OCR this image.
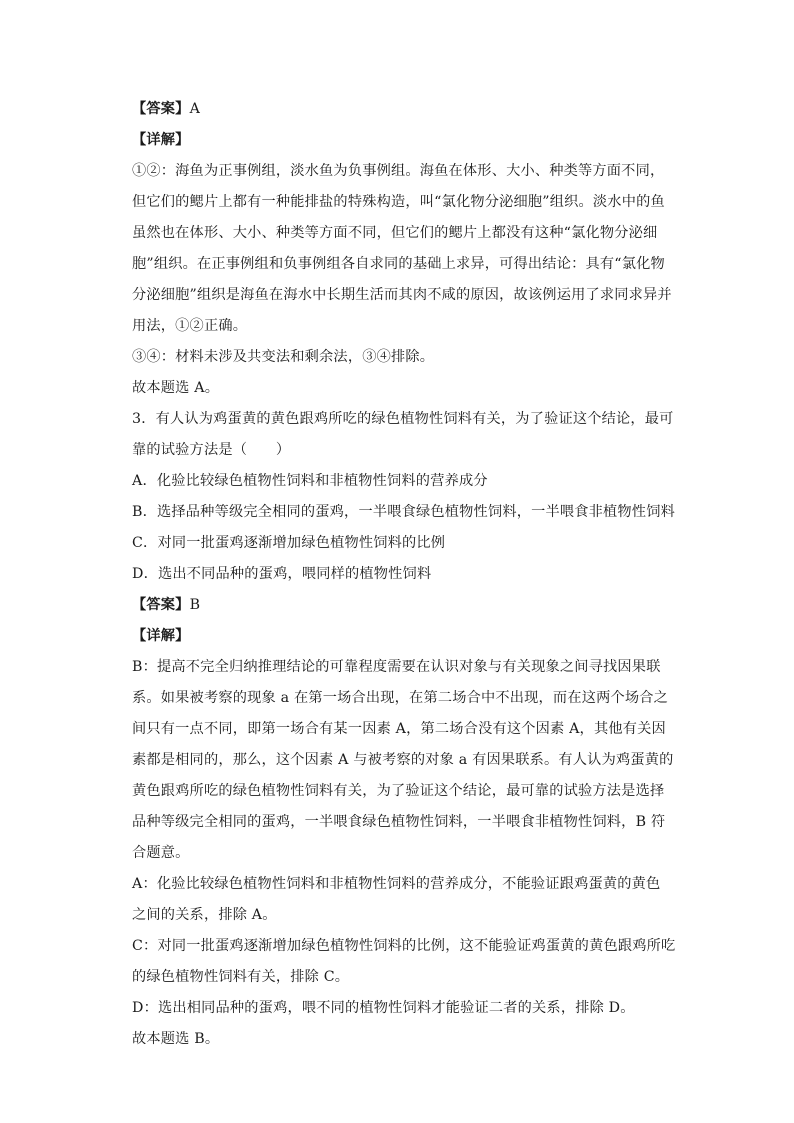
【答案】A
【详解】
①②：海鱼为正事例组，淡水鱼为负事例组。海鱼在体形、大小、种类等方面不同，
但它们的鳃片上都有一种能排盐的特殊构造，叫“氯化物分泌细胞”组织。淡水中的鱼
虽然也在体形、大小、种类等方面不同，但它们的鳃片上都没有这种“氯化物分泌细
胞”组织。在正事例组和负事例组各自求同的基础上求异，可得出结论：具有“氯化物
分泌细胞”组织是海鱼在海水中长期生活而其肉不咸的原因，故该例运用了求同求异并
用法，①②正确。
③④：材料未涉及共变法和剩余法，③④排除。
故本题选 A。
3．有人认为鸡蛋黄的黄色跟鸡所吃的绿色植物性饲料有关，为了验证这个结论，最可
靠的试验方法是（　　）
A．化验比较绿色植物性饲料和非植物性饲料的营养成分
B．选择品种等级完全相同的蛋鸡，一半喂食绿色植物性饲料，一半喂食非植物性饲料
C．对同一批蛋鸡逐渐增加绿色植物性饲料的比例
D．选出不同品种的蛋鸡，喂同样的植物性饲料
【答案】B
【详解】
B：提高不完全归纳推理结论的可靠程度需要在认识对象与有关现象之间寻找因果联
系。如果被考察的现象 a 在第一场合出现，在第二场合中不出现，而在这两个场合之
间只有一点不同，即第一场合有某一因素 A，第二场合没有这个因素 A，其他有关因
素都是相同的，那么，这个因素 A 与被考察的对象 a 有因果联系。有人认为鸡蛋黄的
黄色跟鸡所吃的绿色植物性饲料有关，为了验证这个结论，最可靠的试验方法是选择
品种等级完全相同的蛋鸡，一半喂食绿色植物性饲料，一半喂食非植物性饲料，B 符
合题意。
A：化验比较绿色植物性饲料和非植物性饲料的营养成分，不能验证跟鸡蛋黄的黄色
之间的关系，排除 A。
C：对同一批蛋鸡逐渐增加绿色植物性饲料的比例，这不能验证鸡蛋黄的黄色跟鸡所吃
的绿色植物性饲料有关，排除 C。
D：选出相同品种的蛋鸡，喂不同的植物性饲料才能验证二者的关系，排除 D。
故本题选 B。
